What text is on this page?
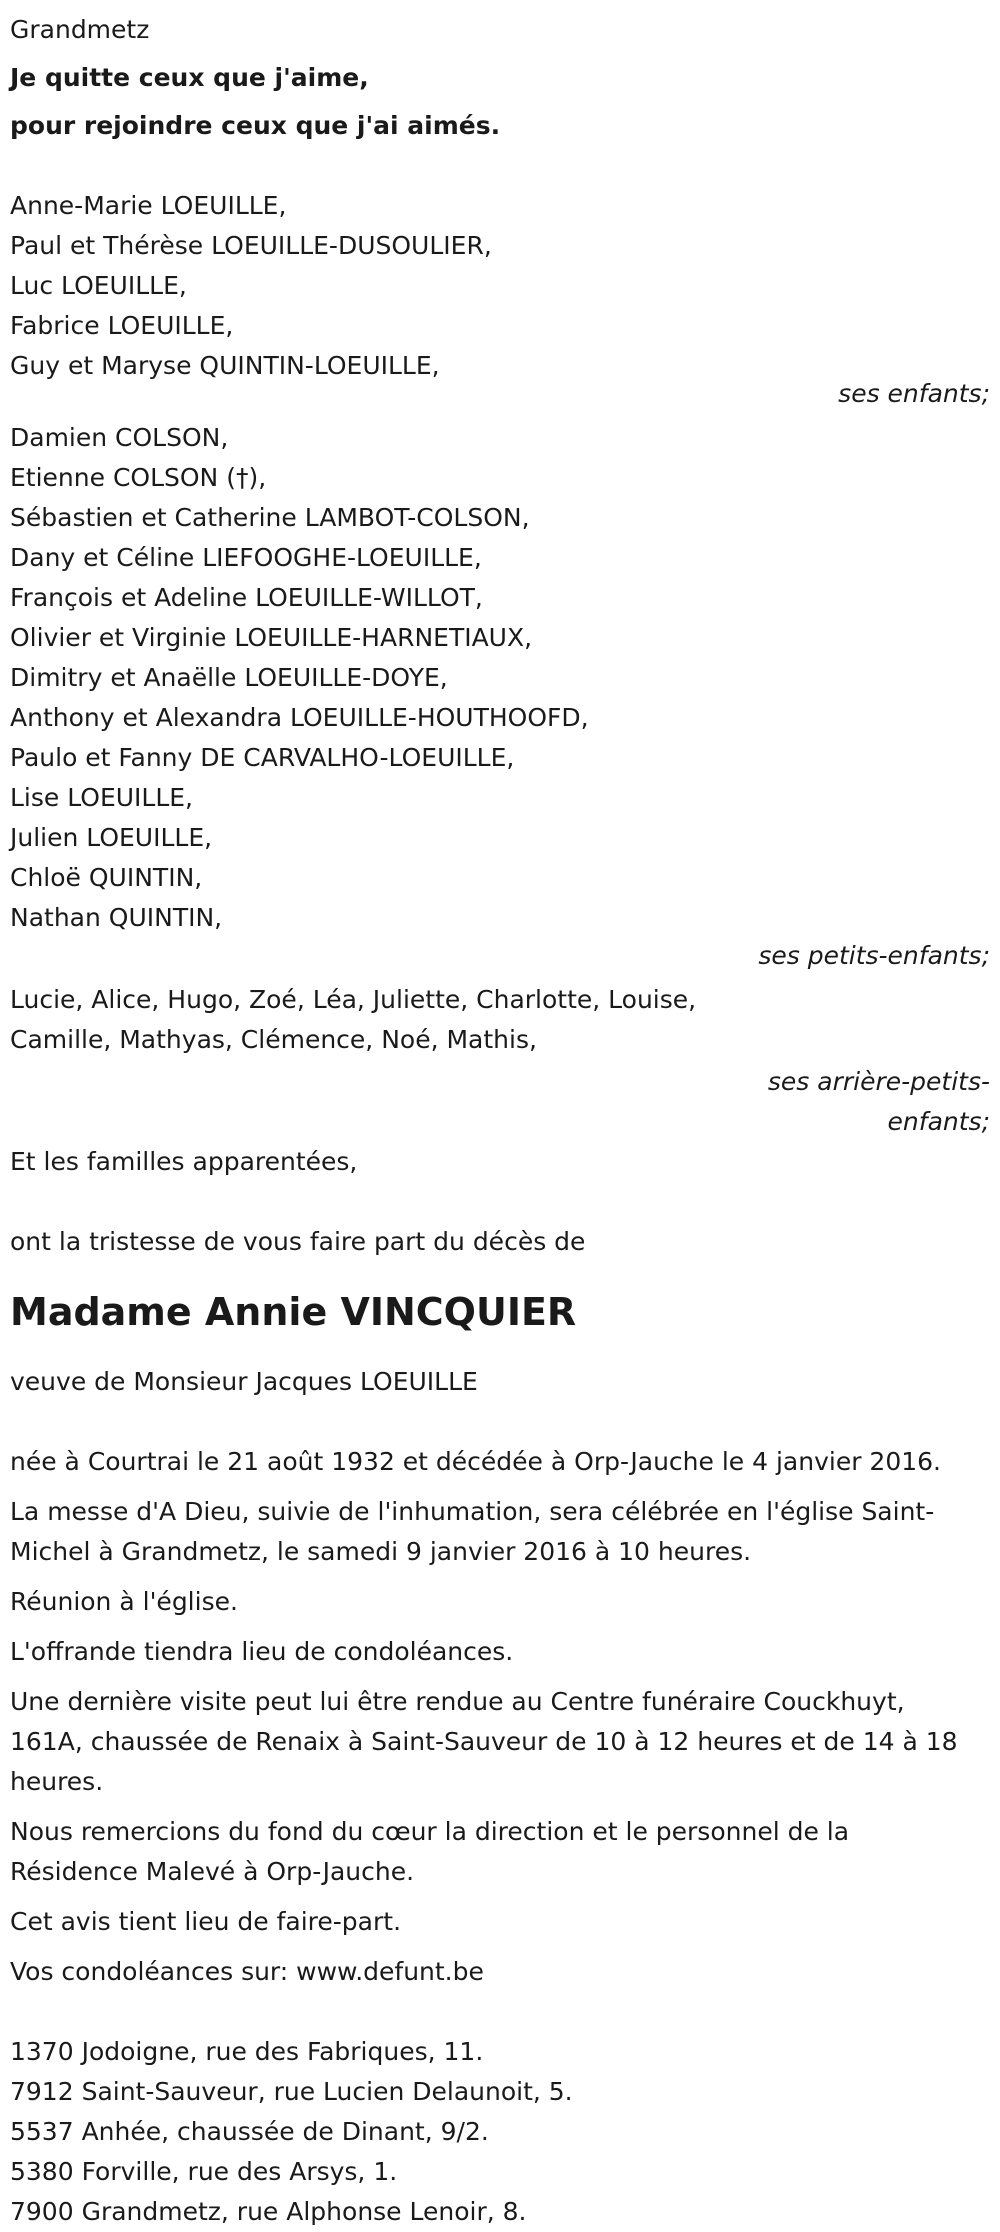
Grandmetz
Je quitte ceux que j'aime,
pour rejoindre ceux que j'ai aimés.
Anne-Marie LOEUILLE,
Paul et Thérèse LOEUILLE-DUSOULIER,
Luc LOEUILLE,
Fabrice LOEUILLE,
Guy et Maryse QUINTIN-LOEUILLE,
ses enfants;
Damien COLSON,
Etienne COLSON (†),
Sébastien et Catherine LAMBOT-COLSON,
Dany et Céline LIEFOOGHE-LOEUILLE,
François et Adeline LOEUILLE-WILLOT,
Olivier et Virginie LOEUILLE-HARNETIAUX,
Dimitry et Anaëlle LOEUILLE-DOYE,
Anthony et Alexandra LOEUILLE-HOUTHOOFD,
Paulo et Fanny DE CARVALHO-LOEUILLE,
Lise LOEUILLE,
Julien LOEUILLE,
Chloë QUINTIN,
Nathan QUINTIN,
ses petits-enfants;
Lucie, Alice, Hugo, Zoé, Léa, Juliette, Charlotte, Louise,
Camille, Mathyas, Clémence, Noé, Mathis,
ses arrière-petits-
enfants;
Et les familles apparentées,
ont la tristesse de vous faire part du décès de
Madame Annie VINCQUIER
veuve de Monsieur Jacques LOEUILLE
née à Courtrai le 21 août 1932 et décédée à Orp-Jauche le 4 janvier 2016.
La messe d'A Dieu, suivie de l'inhumation, sera célébrée en l'église Saint-
Michel à Grandmetz, le samedi 9 janvier 2016 à 10 heures.
Réunion à l'église.
L'offrande tiendra lieu de condoléances.
Une dernière visite peut lui être rendue au Centre funéraire Couckhuyt,
161A, chaussée de Renaix à Saint-Sauveur de 10 à 12 heures et de 14 à 18
heures.
Nous remercions du fond du cœur la direction et le personnel de la
Résidence Malevé à Orp-Jauche.
Cet avis tient lieu de faire-part.
Vos condoléances sur: www.defunt.be
1370 Jodoigne, rue des Fabriques, 11.
7912 Saint-Sauveur, rue Lucien Delaunoit, 5.
5537 Anhée, chaussée de Dinant, 9/2.
5380 Forville, rue des Arsys, 1.
7900 Grandmetz, rue Alphonse Lenoir, 8.
